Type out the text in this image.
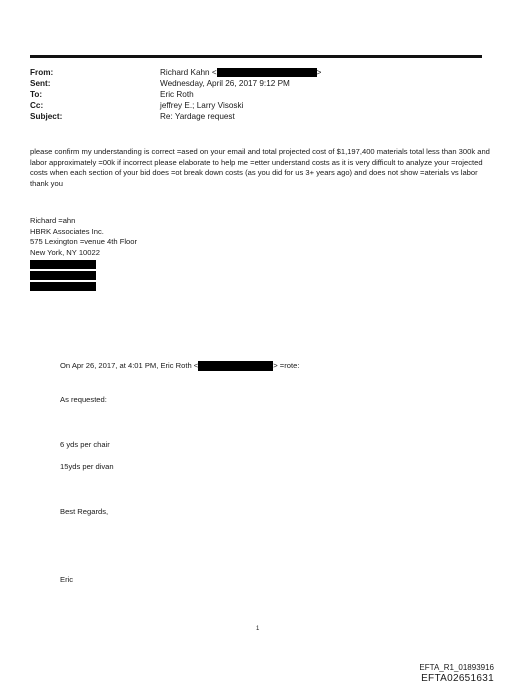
From:	Richard Kahn <	>
Sent:	Wednesday, April 26, 2017 9:12 PM
To:	Eric Roth
Cc:	jeffrey E.; Larry Visoski
Subject:	Re: Yardage request
please confirm my understanding is correct =ased on your email and total projected cost of $1,197,400 materials total less than 300k and labor approximately =00k if incorrect please elaborate to help me =etter understand costs as it is very difficult to analyze your =rojected costs when each section of your bid does =ot break down costs (as you did for us 3+ years ago) and does not show =aterials vs labor thank you
Richard =ahn
HBRK Associates Inc.
575 Lexington =venue 4th Floor
New York, NY 10022
On Apr 26, 2017, at 4:01 PM, Eric Roth <	> =rote:
As requested:
6 yds per chair
15yds per divan
Best Regards,
Eric
1
EFTA_R1_01893916
EFTA02651631
